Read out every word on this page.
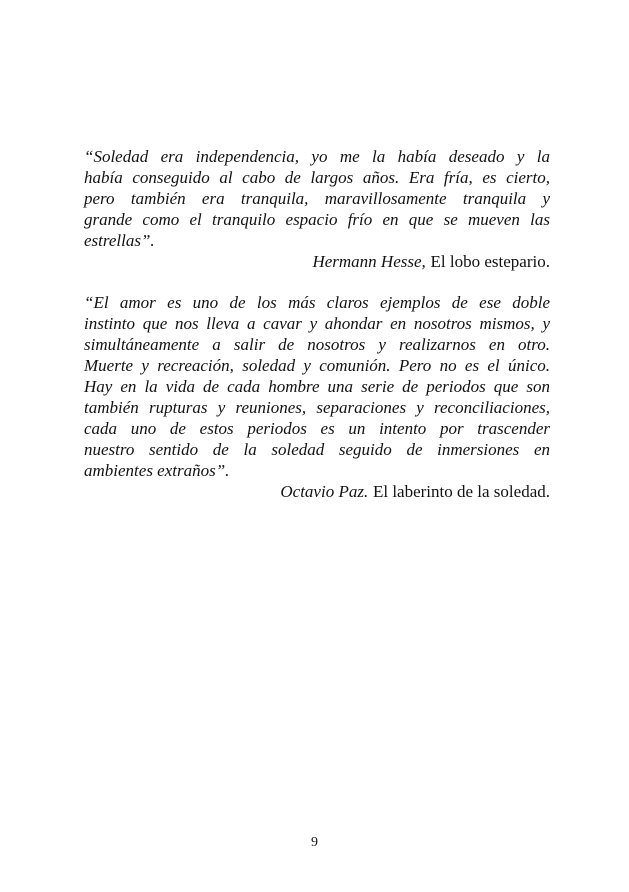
“Soledad era independencia, yo me la había deseado y la
había conseguido al cabo de largos años. Era fría, es cierto,
pero también era tranquila, maravillosamente tranquila y
grande como el tranquilo espacio frío en que se mueven las
estrellas”.
Hermann Hesse, El lobo estepario.
“El amor es uno de los más claros ejemplos de ese doble
instinto que nos lleva a cavar y ahondar en nosotros mismos, y
simultáneamente a salir de nosotros y realizarnos en otro.
Muerte y recreación, soledad y comunión. Pero no es el único.
Hay en la vida de cada hombre una serie de periodos que son
también rupturas y reuniones, separaciones y reconciliaciones,
cada uno de estos periodos es un intento por trascender
nuestro sentido de la soledad seguido de inmersiones en
ambientes extraños”.
Octavio Paz. El laberinto de la soledad.
9
